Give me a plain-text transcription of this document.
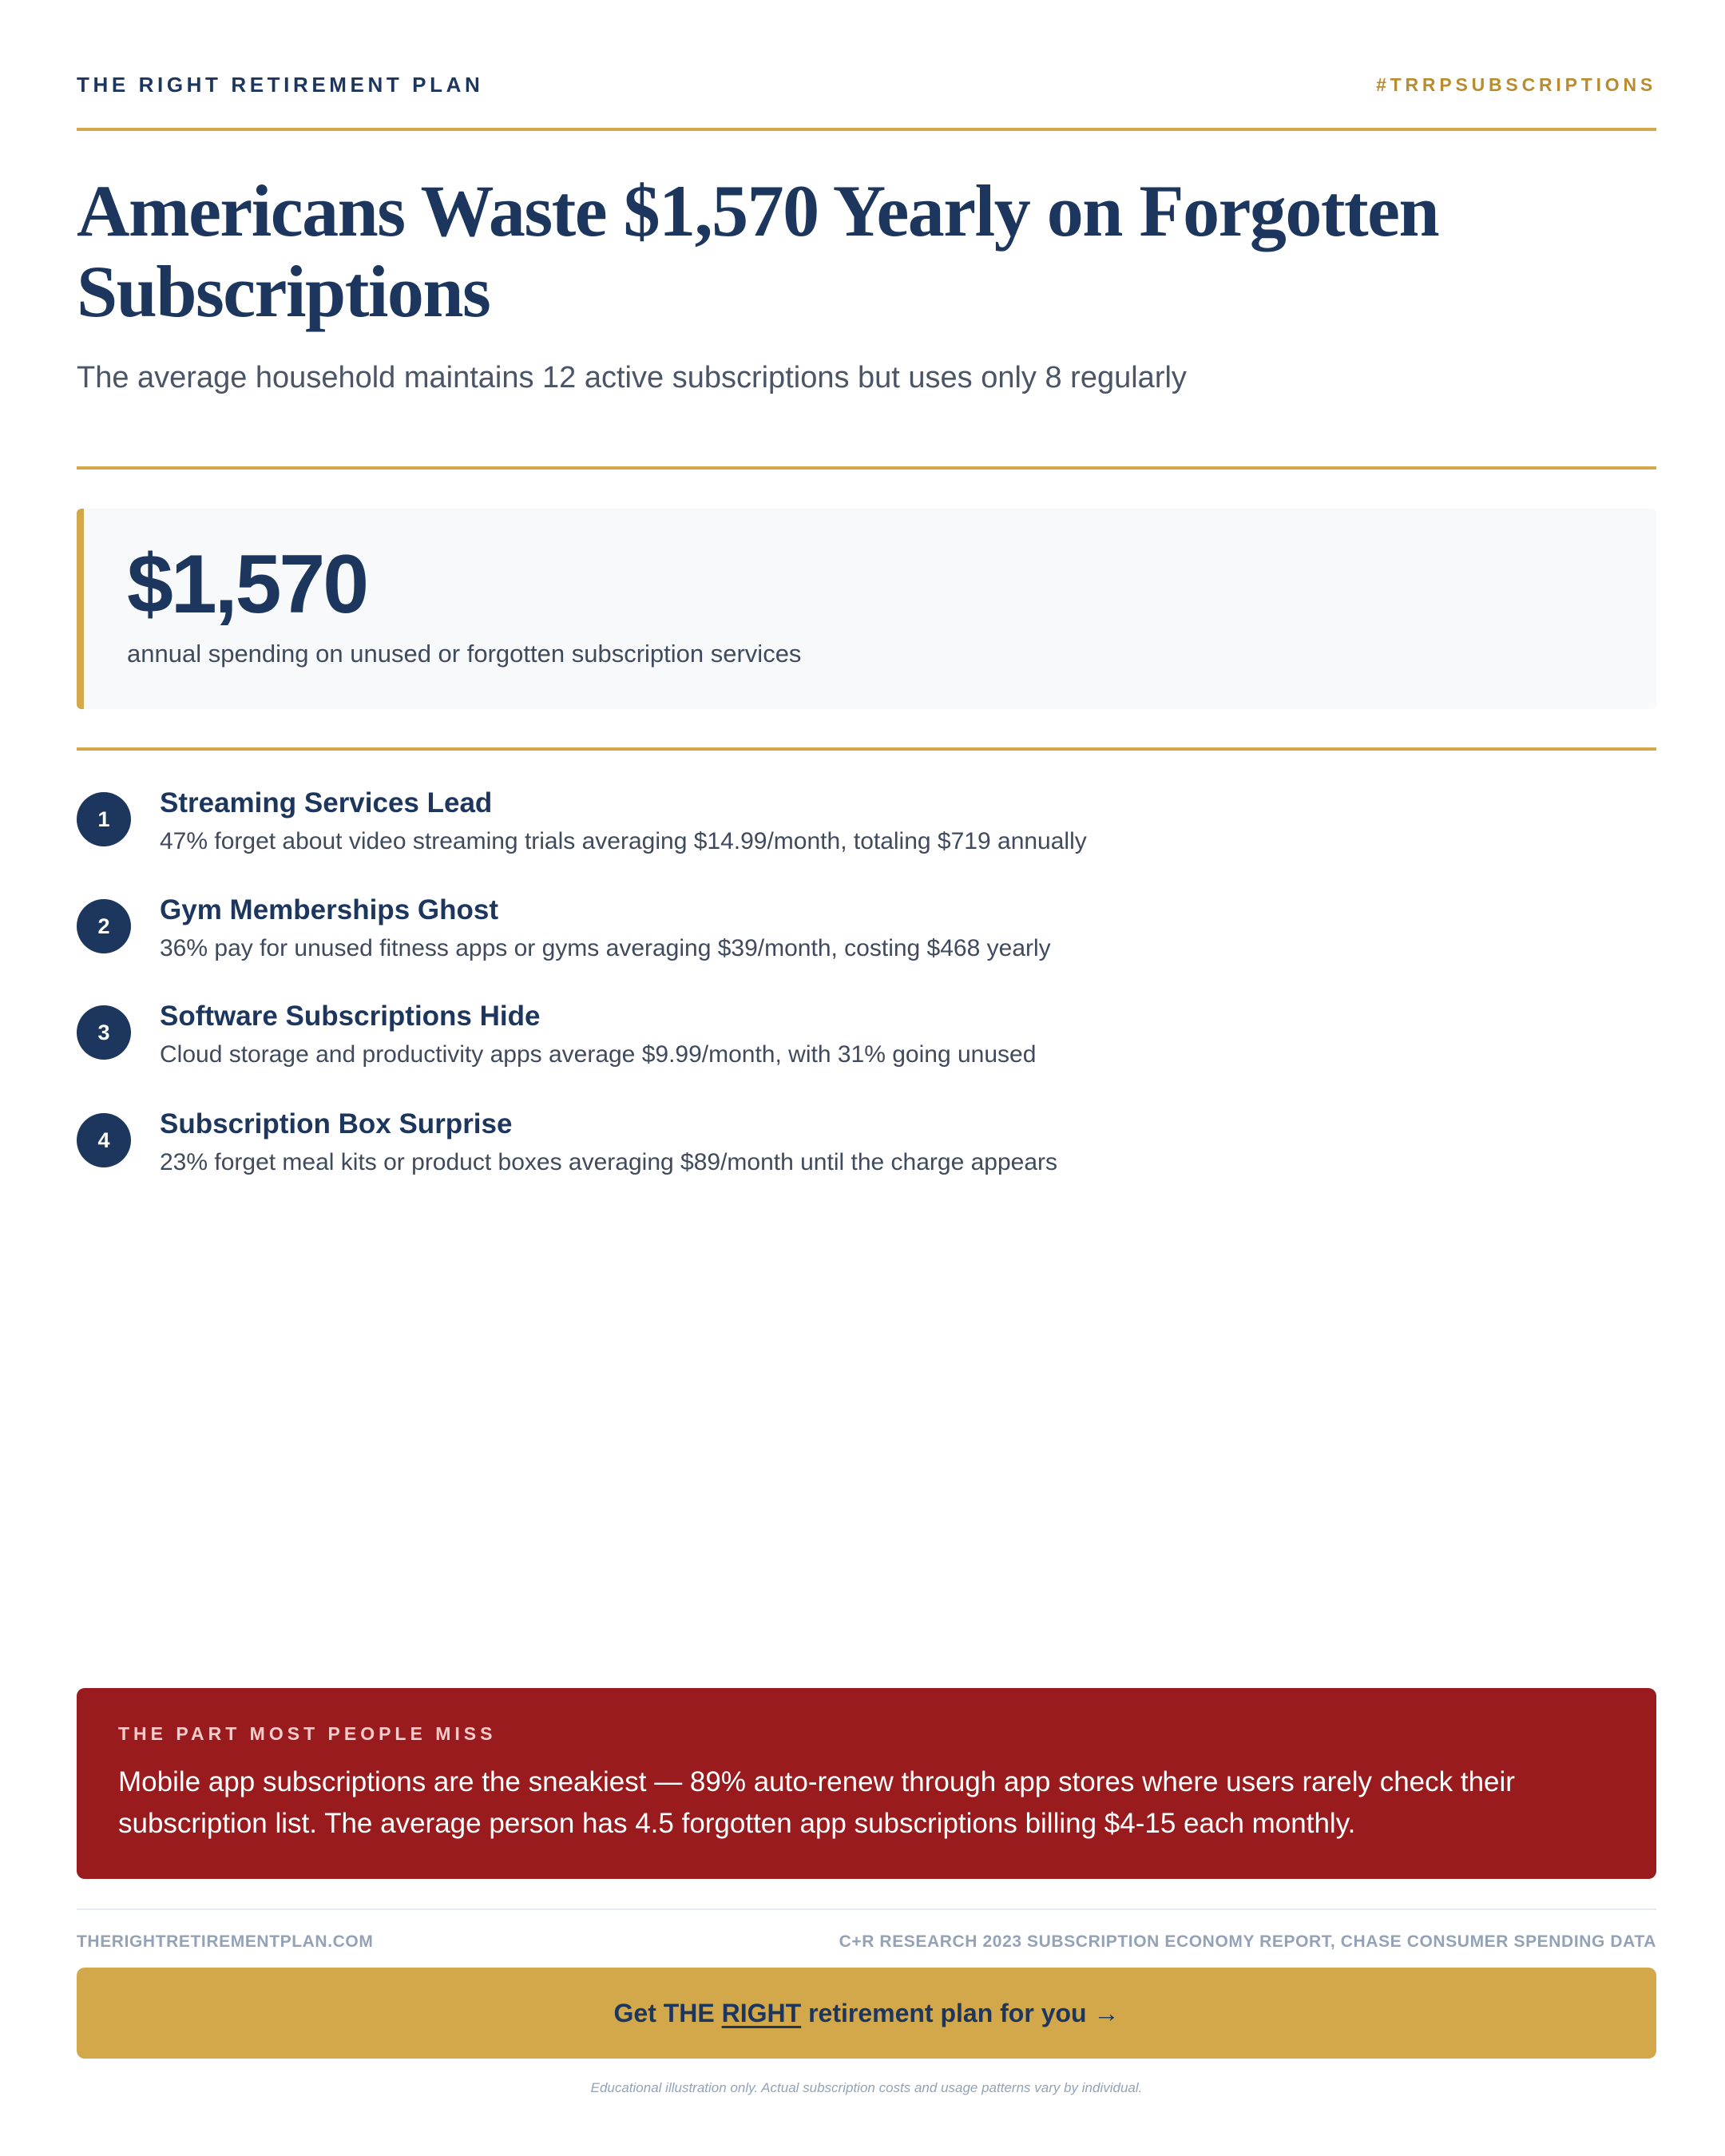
THE RIGHT RETIREMENT PLAN	#TRRPSUBSCRIPTIONS
Americans Waste $1,570 Yearly on Forgotten Subscriptions

The average household maintains 12 active subscriptions but uses only 8 regularly

$1,570
annual spending on unused or forgotten subscription services
1
Streaming Services Lead
47% forget about video streaming trials averaging $14.99/month, totaling $719 annually
2
Gym Memberships Ghost
36% pay for unused fitness apps or gyms averaging $39/month, costing $468 yearly
3
Software Subscriptions Hide
Cloud storage and productivity apps average $9.99/month, with 31% going unused
4
Subscription Box Surprise
23% forget meal kits or product boxes averaging $89/month until the charge appears
THE PART MOST PEOPLE MISS
Mobile app subscriptions are the sneakiest — 89% auto-renew through app stores where users rarely check their subscription list. The average person has 4.5 forgotten app subscriptions billing $4-15 each monthly.
THERIGHTRETIREMENTPLAN.COM	C+R RESEARCH 2023 SUBSCRIPTION ECONOMY REPORT, CHASE CONSUMER SPENDING DATA
Get THE RIGHT retirement plan for you
→
Educational illustration only. Actual subscription costs and usage patterns vary by individual.
